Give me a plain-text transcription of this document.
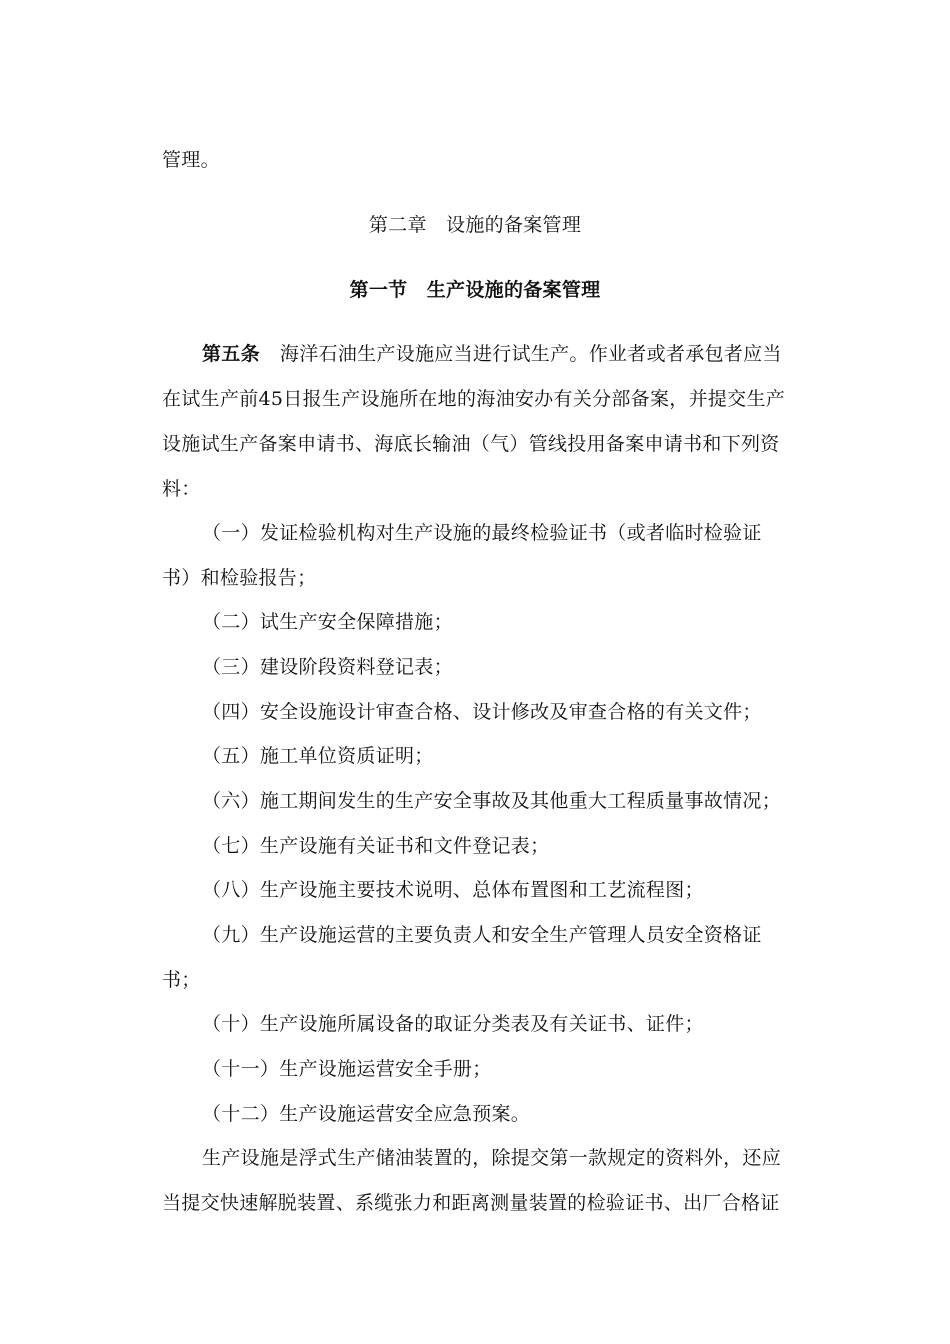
管理。
第二章　设施的备案管理
第一节　生产设施的备案管理
第五条 海洋石油生产设施应当进行试生产。作业者或者承包者应当
在试生产前45日报生产设施所在地的海油安办有关分部备案，并提交生产
设施试生产备案申请书、海底长输油（气）管线投用备案申请书和下列资
料：
（一）发证检验机构对生产设施的最终检验证书（或者临时检验证
书）和检验报告；
（二）试生产安全保障措施；
（三）建设阶段资料登记表；
（四）安全设施设计审查合格、设计修改及审查合格的有关文件；
（五）施工单位资质证明；
（六）施工期间发生的生产安全事故及其他重大工程质量事故情况；
（七）生产设施有关证书和文件登记表；
（八）生产设施主要技术说明、总体布置图和工艺流程图；
（九）生产设施运营的主要负责人和安全生产管理人员安全资格证
书；
（十）生产设施所属设备的取证分类表及有关证书、证件；
（十一）生产设施运营安全手册；
（十二）生产设施运营安全应急预案。
生产设施是浮式生产储油装置的，除提交第一款规定的资料外，还应
当提交快速解脱装置、系缆张力和距离测量装置的检验证书、出厂合格证
